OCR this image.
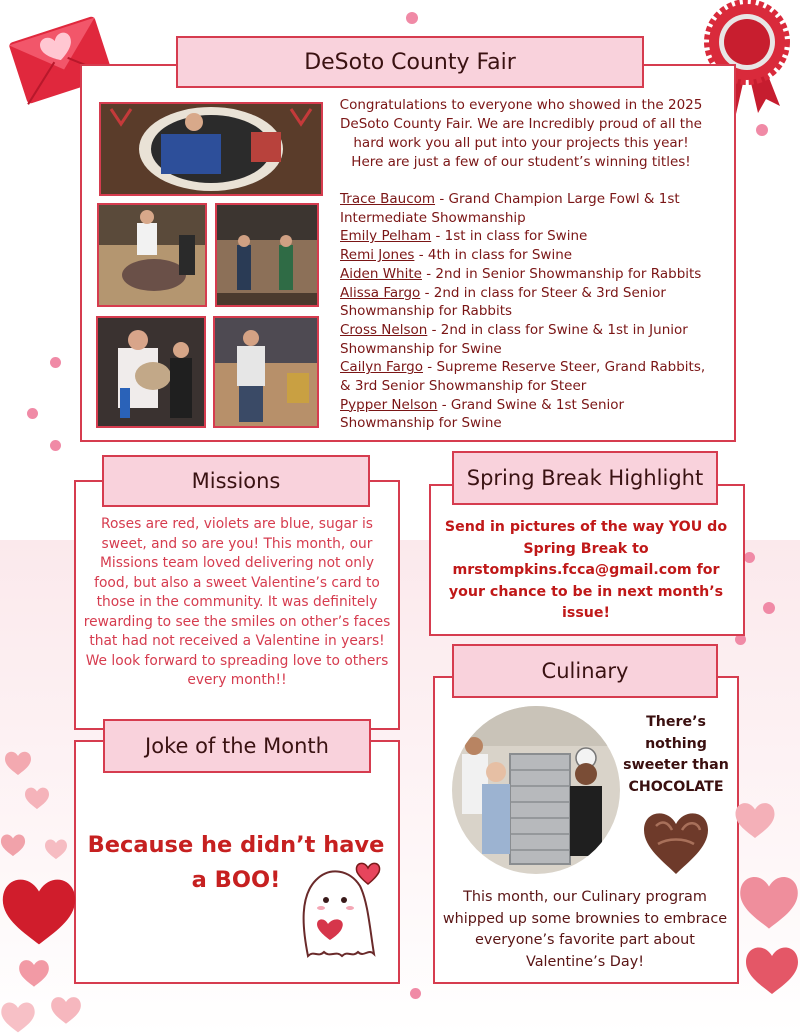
DeSoto County Fair
Congratulations to everyone who showed in the 2025 DeSoto County Fair. We are Incredibly proud of all the hard work you all put into your projects this year! Here are just a few of our student’s winning titles!
Trace Baucom - Grand Champion Large Fowl & 1st Intermediate Showmanship
Emily Pelham - 1st in class for Swine
Remi Jones - 4th in class for Swine
Aiden White - 2nd in Senior Showmanship for Rabbits
Alissa Fargo - 2nd in class for Steer & 3rd Senior Showmanship for Rabbits
Cross Nelson - 2nd in class for Swine & 1st in Junior Showmanship for Swine
Cailyn Fargo - Supreme Reserve Steer, Grand Rabbits, & 3rd Senior Showmanship for Steer
Pypper Nelson - Grand Swine & 1st Senior Showmanship for Swine
Missions
Roses are red, violets are blue, sugar is sweet, and so are you! This month, our Missions team loved delivering not only food, but also a sweet Valentine’s card to those in the community. It was definitely rewarding to see the smiles on other’s faces that had not received a Valentine in years!
We look forward to spreading love to others every month!!
Spring Break Highlight
Send in pictures of the way YOU do Spring Break to mrstompkins.fcca@gmail.com for your chance to be in next month’s issue!
Joke of the Month
Because he didn’t have a BOO!
Culinary
There’s nothing sweeter than CHOCOLATE
This month, our Culinary program whipped up some brownies to embrace everyone’s favorite part about Valentine’s Day!
